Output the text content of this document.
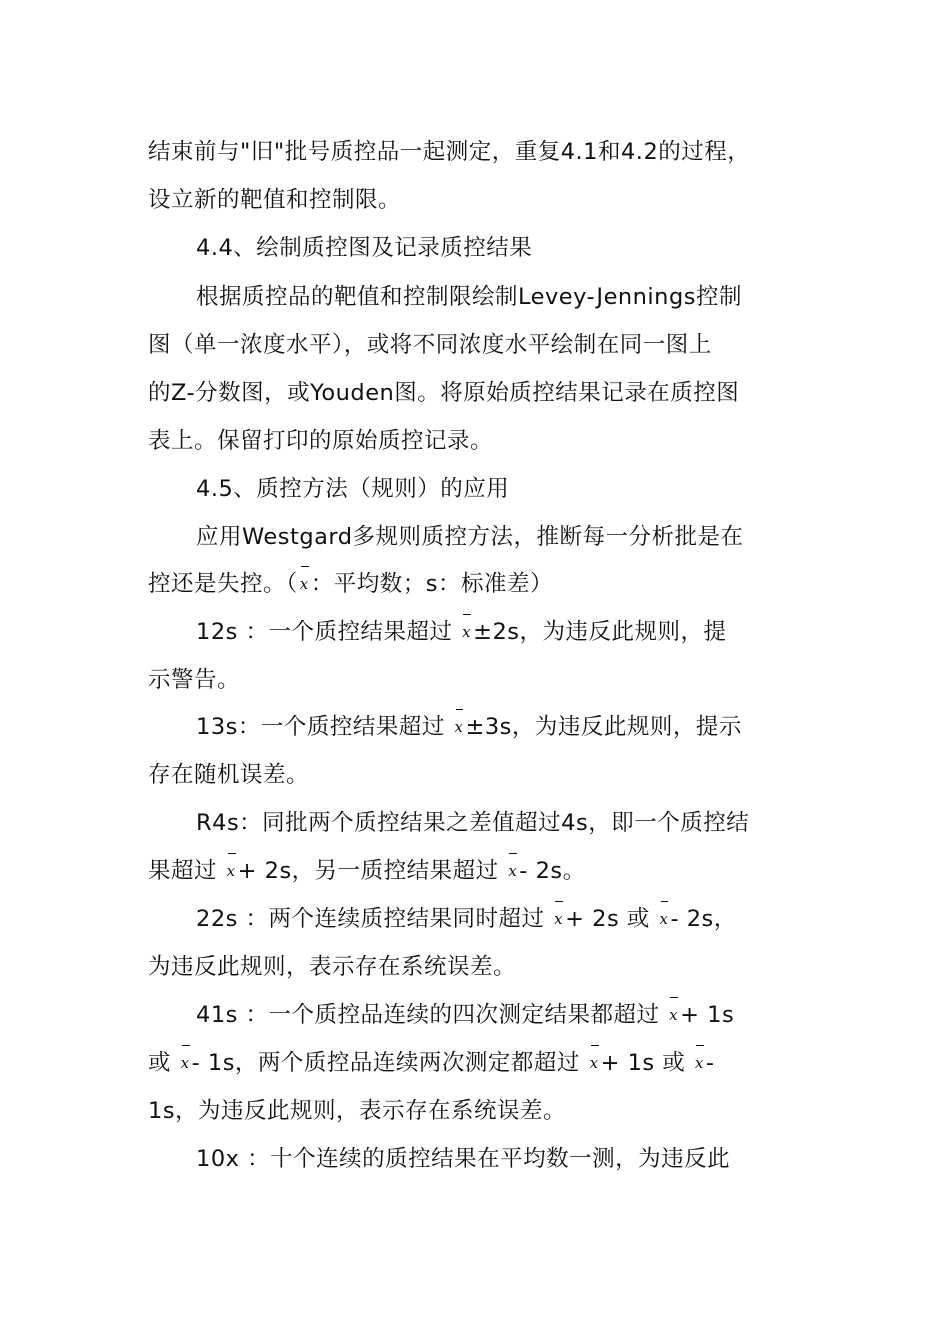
结束前与"旧"批号质控品一起测定，重复4.1和4.2的过程，
设立新的靶值和控制限。
4.4、绘制质控图及记录质控结果
根据质控品的靶值和控制限绘制Levey-Jennings控制
图（单一浓度水平），或将不同浓度水平绘制在同一图上
的Z-分数图，或Youden图。将原始质控结果记录在质控图
表上。保留打印的原始质控记录。
4.5、质控方法（规则）的应用
应用Westgard多规则质控方法，推断每一分析批是在
控还是失控。（ x：平均数；s：标准差）
12s ：一个质控结果超过 x±2s，为违反此规则，提
示警告。
13s：一个质控结果超过 x±3s，为违反此规则，提示
存在随机误差。
R4s：同批两个质控结果之差值超过4s，即一个质控结
果超过 x+ 2s，另一质控结果超过 x- 2s。
22s ：两个连续质控结果同时超过 x+ 2s 或 x- 2s，
为违反此规则，表示存在系统误差。
41s ：一个质控品连续的四次测定结果都超过 x+ 1s
或 x- 1s，两个质控品连续两次测定都超过 x+ 1s 或 x-
1s，为违反此规则，表示存在系统误差。
10x ：十个连续的质控结果在平均数一测，为违反此
